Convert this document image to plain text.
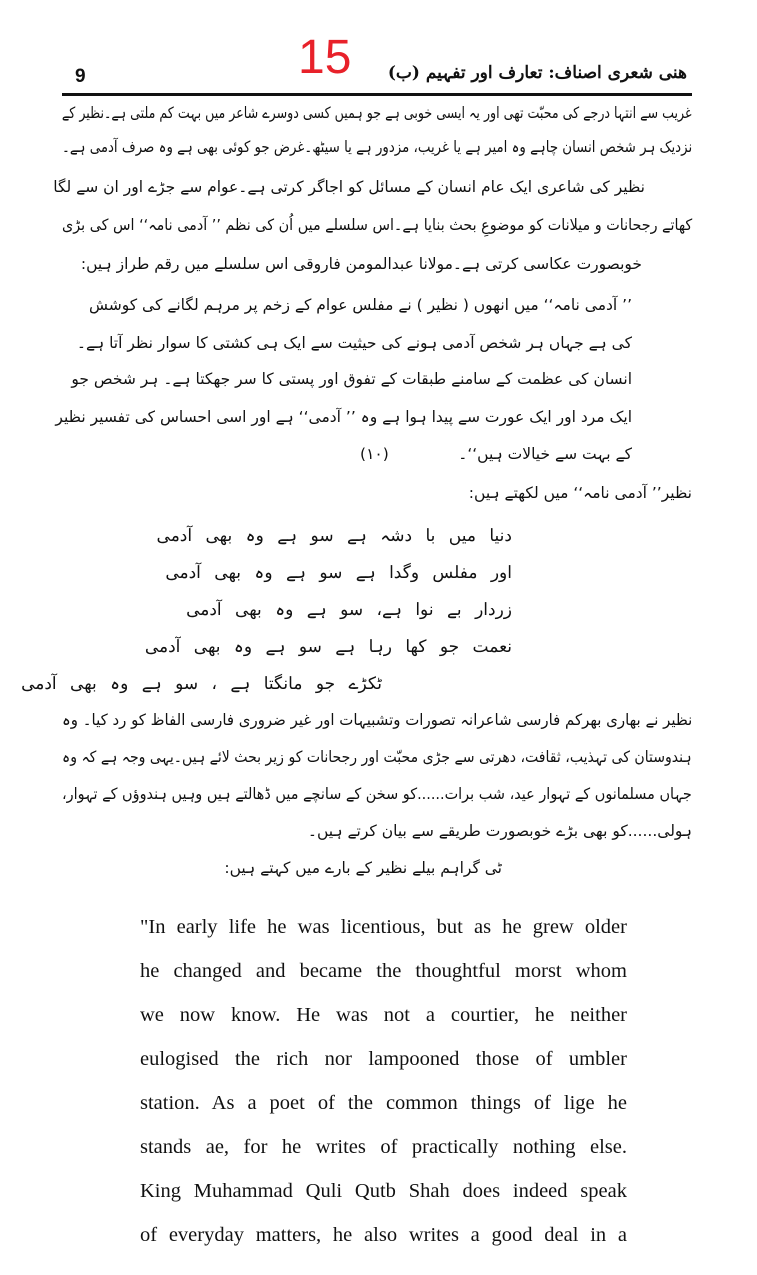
15
9	ھنی شعری اصناف: تعارف اور تفہیم (ب)
غریب سے انتہا درجے کی محبّت تھی اور یہ ایسی خوبی ہے جو ہمیں کسی دوسرے شاعر میں بہت کم ملتی ہے۔نظیر کے
نزدیک ہر شخص انسان چاہے وہ امیر ہے یا غریب، مزدور ہے یا سیٹھ۔غرض جو کوئی بھی ہے وہ صرف آدمی ہے۔
نظیر کی شاعری ایک عام انسان کے مسائل کو اجاگر کرتی ہے۔عوام سے جڑے اور ان سے لگا
کھاتے رجحانات و میلانات کو موضوعِ بحث بنایا ہے۔اس سلسلے میں اُن کی نظم ’’ آدمی نامہ‘‘ اس کی بڑی
خوبصورت عکاسی کرتی ہے۔مولانا عبدالمومن فاروقی اس سلسلے میں رقم طراز ہیں:
’’ آدمی نامہ‘‘ میں انھوں ( نظیر ) نے مفلس عوام کے زخم پر مرہم لگانے کی کوشش
کی ہے جہاں ہر شخص آدمی ہونے کی حیثیت سے ایک ہی کشتی کا سوار نظر آتا ہے۔
انسان کی عظمت کے سامنے طبقات کے تفوق اور پستی کا سر جھکتا ہے۔ ہر شخص جو
ایک مرد اور ایک عورت سے پیدا ہوا ہے وہ ’’ آدمی‘‘ ہے اور اسی احساس کی تفسیر نظیر
کے بہت سے خیالات ہیں‘‘۔
(١٠)
نظیر’’ آدمی نامہ‘‘ میں لکھتے ہیں:
دنیا میں با دشہ ہے سو ہے وہ بھی آدمی
اور مفلس وگدا ہے سو ہے وہ بھی آدمی
زردار بے نوا ہے، سو ہے وہ بھی آدمی
نعمت جو کھا رہا ہے سو ہے وہ بھی آدمی
ٹکڑے جو مانگتا ہے ، سو ہے وہ بھی آدمی
نظیر نے بھاری بھرکم فارسی شاعرانہ تصورات وتشبیہات اور غیر ضروری فارسی الفاظ کو رد کیا۔ وہ
ہندوستان کی تہذیب، ثقافت، دھرتی سے جڑی محبّت اور رجحانات کو زیر بحث لائے ہیں۔یہی وجہ ہے کہ وہ
جہاں مسلمانوں کے تہوار عید، شب برات......کو سخن کے سانچے میں ڈھالتے ہیں وہیں ہندوؤں کے تہوار،
ہولی......کو بھی بڑے خوبصورت طریقے سے بیان کرتے ہیں۔
ٹی گراہم بیلے نظیر کے بارے میں کہتے ہیں:
"In early life he was licentious, but as he grew older
he changed and became the thoughtful morst whom
we now know. He was not a courtier, he neither
eulogised the rich nor lampooned those of umbler
station. As a poet of the common things of lige he
stands ae, for he writes of practically nothing else.
King Muhammad Quli Qutb Shah does indeed speak
of everyday matters, he also writes a good deal in a
